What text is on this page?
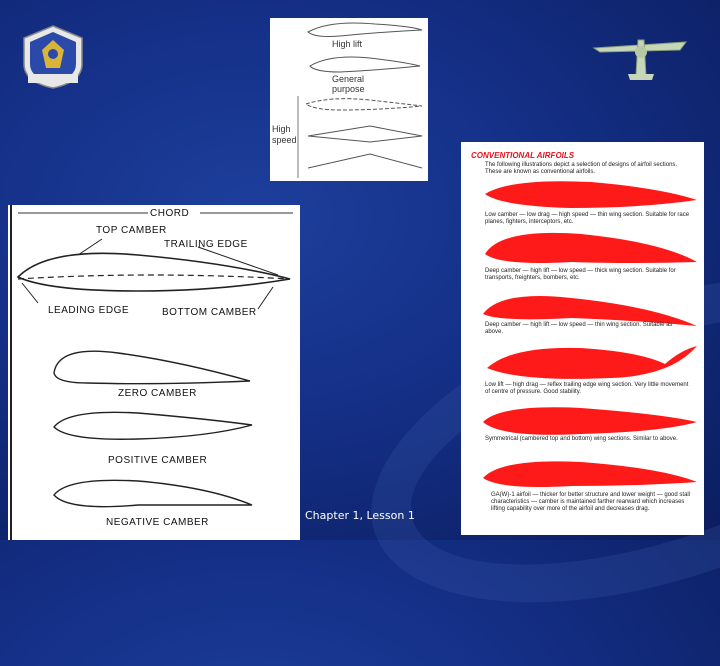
High lift
General purpose
High speed
CHORD
TOP CAMBER
TRAILING EDGE
LEADING EDGE	BOTTOM CAMBER
ZERO CAMBER
POSITIVE CAMBER
NEGATIVE CAMBER
CONVENTIONAL AIRFOILS
The following illustrations depict a selection of designs of airfoil sections. These are known as conventional airfoils.
Low camber — low drag — high speed — thin wing section. Suitable for race planes, fighters, interceptors, etc.
Deep camber — high lift — low speed — thick wing section. Suitable for transports, freighters, bombers, etc.
Deep camber — high lift — low speed — thin wing section. Suitable as above.
Low lift — high drag — reflex trailing edge wing section. Very little movement of centre of pressure. Good stability.
Symmetrical (cambered top and bottom) wing sections. Similar to above.
GA(W)-1 airfoil — thicker for better structure and lower weight — good stall characteristics — camber is maintained farther rearward which increases lifting capability over more of the airfoil and decreases drag.
Chapter 1, Lesson 1
